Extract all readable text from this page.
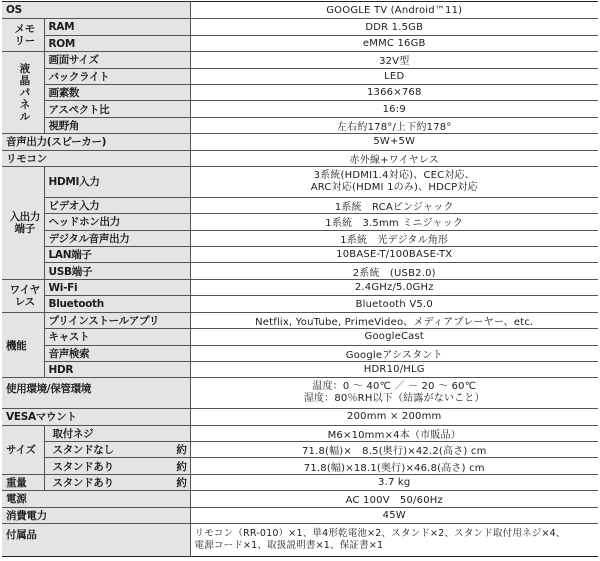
OS		GOOGLE TV (Android™11)

メモ
リー	RAM	DDR 1.5GB
	ROM	eMMC 16GB

液
晶
パ
ネ
ル	画面サイズ	32V型
	バックライト	LED
	画素数	1366×768
	アスペクト比	16:9
	視野角	左右約178°/上下約178°
音声出力(スピーカー)		5W+5W
リモコン		赤外線+ワイヤレス

入出力
端子	HDMI入力	3系統(HDMI1.4対応)、CEC対応、
ARC対応(HDMI 1のみ)、HDCP対応
	ビデオ入力	1系統　RCAピンジャック
	ヘッドホン出力	1系統　3.5mm ミニジャック
	デジタル音声出力	1系統　光デジタル角形
	LAN端子	10BASE-T/100BASE-TX
	USB端子	2系統　(USB2.0)

ワイヤ
レス	Wi-Fi	2.4GHz/5.0GHz
	Bluetooth	Bluetooth V5.0
機能	プリインストールアプリ	Netflix, YouTube, PrimeVideo、メディアプレーヤー、etc.
	キャスト	GoogleCast
	音声検索	Googleアシスタント
	HDR	HDR10/HLG
使用環境/保管環境		温度：0 ～ 40℃ ／ － 20 ～ 60℃
湿度：80％RH以下（結露がないこと）
VESAマウント		200mm × 200mm
サイズ	取付ネジ	M6×10mm×4本（市販品）
	スタンドなし 約	71.8(幅)×　8.5(奥行)×42.2(高さ) cm
	スタンドあり 約	71.8(幅)×18.1(奥行)×46.8(高さ) cm
重量	スタンドあり 約	3.7 kg
電源		AC 100V　50/60Hz
消費電力		45W
付属品		リモコン（RR-010）×1、単4形乾電池×2、スタンド×2、スタンド取付用ネジ×4、
電源コード×1、取扱説明書×1、保証書×1
